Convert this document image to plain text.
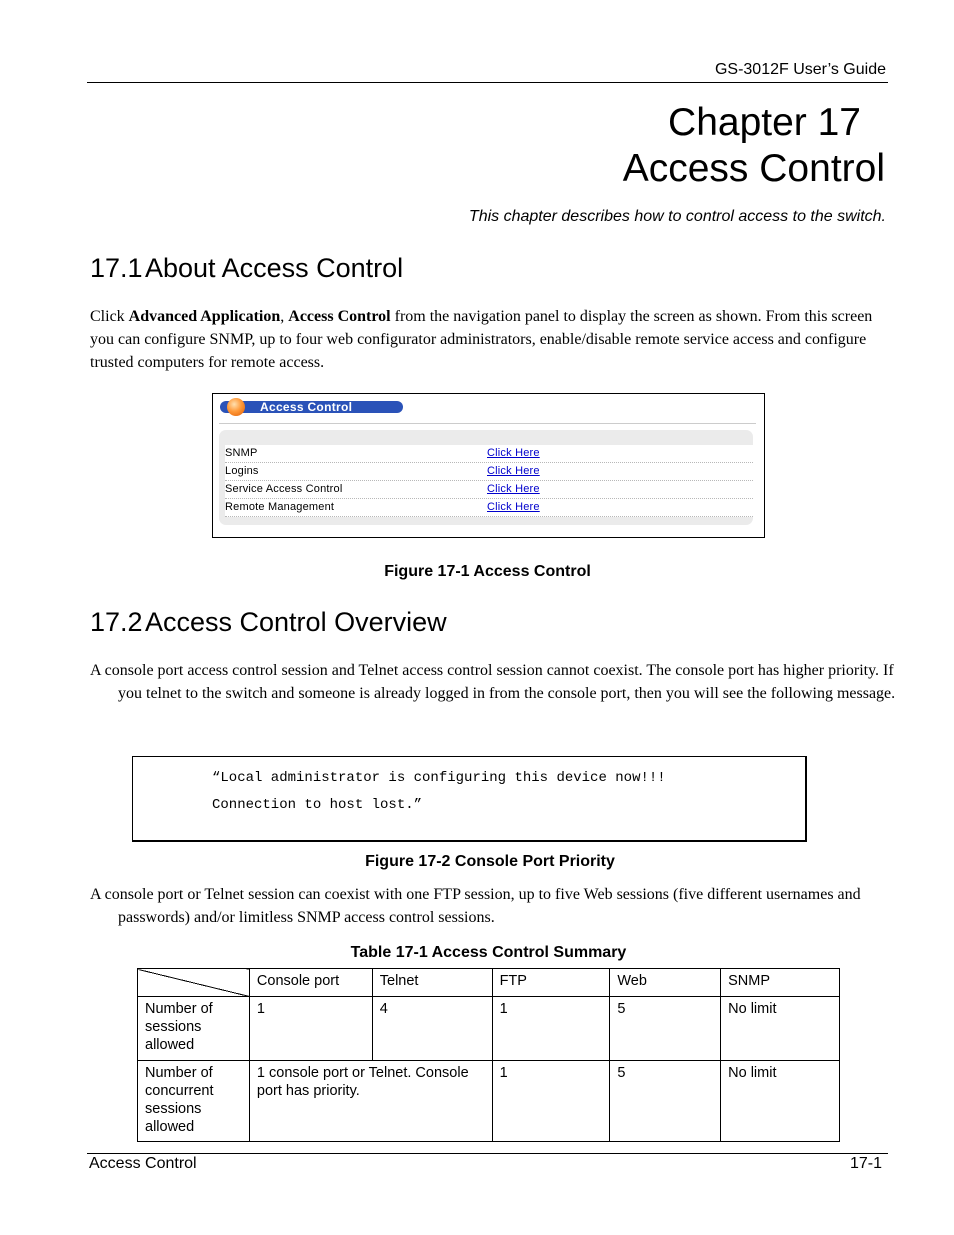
GS-3012F User’s Guide
Chapter 17
Access Control
This chapter describes how to control access to the switch.
17.1About Access Control
Click Advanced Application, Access Control from the navigation panel to display the screen as shown. From this screen you can configure SNMP, up to four web configurator administrators, enable/disable remote service access and configure trusted computers for remote access.
Access Control
SNMP	Click Here
Logins	Click Here
Service Access Control	Click Here
Remote Management	Click Here
Figure 17-1 Access Control
17.2Access Control Overview
A console port access control session and Telnet access control session cannot coexist. The console port has higher priority. If you telnet to the switch and someone is already logged in from the console port, then you will see the following message.
“Local administrator is configuring this device now!!!
Connection to host lost.”
Figure 17-2 Console Port Priority
A console port or Telnet session can coexist with one FTP session, up to five Web sessions (five different usernames and passwords) and/or limitless SNMP access control sessions.
Table 17-1 Access Control Summary
	Console port	Telnet	FTP	Web	SNMP
Number of sessions allowed	1	4	1	5	No limit
Number of concurrent sessions allowed	1 console port or Telnet. Console port has priority.		1	5	No limit
Access Control	17-1
